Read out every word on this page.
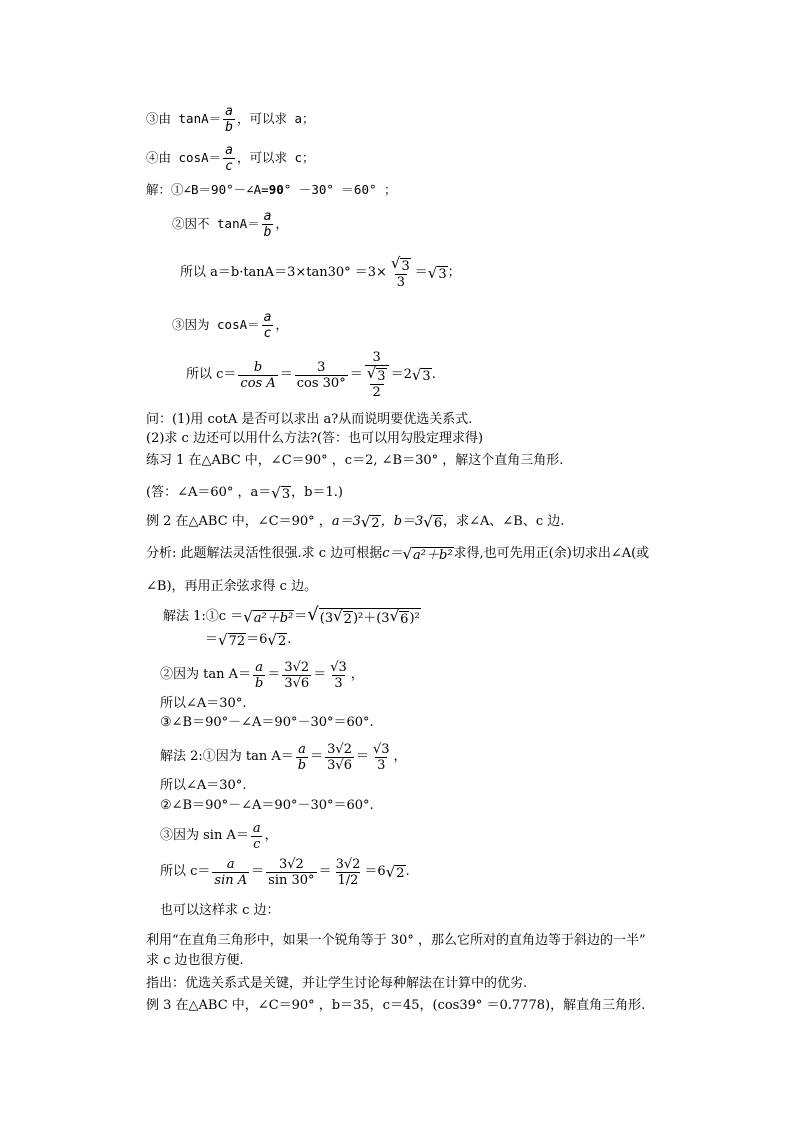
③由 tanA＝ a
b
，可以求 a；
④由 cosA＝ a
c
，可以求 c；
解：①∠B＝90°－∠A= 90 ° －30° ＝60° ；
②因不 tanA＝ a
b
，
所以 $a=b\cdot\tan A=3\times\tan 30^\circ =3\times \frac{√ 3}{3}$ ＝ √ 3 ；
③因为 cosA＝ a
c
，
所以 c＝ b
cos A
＝ 3
cos 30°
＝
3
√ 3
2
＝2 √ 3 .
问：(1)用 cotA 是否可以求出 a?从而说明要优选关系式.
(2)求 c 边还可以用什么方法?(答：也可以用勾股定理求得)
练习 1 在△ABC 中，∠C＝90° ，c＝2, ∠B＝30° ，解这个直角三角形.
(答：∠A＝60° ，a＝ √ 3 ，b＝1.)
例 2 在△ABC 中，∠C＝90° ， a＝3 √ 2 ，b＝3 √ 6 ，求∠A、∠B、c 边.
分析: 此题解法灵活性很强.求 c 边可根据 c＝ √ a²＋b² 求得,也可先用正(余)切求出∠A(或
∠B)，再用正余弦求得 c 边。
解法 1:①c ＝ √ a²＋b² ＝ √ (3 √ 2 )²＋(3 √ 6 )²
＝ √ 72 ＝6 √ 2 .
②因为 tan A＝ a
b
＝ 3√2
3√6
＝ √3
3
，
所以∠A＝30°.
③∠B＝90°－∠A＝90°－30°＝60°.
解法 2:①因为 tan A＝ a
b
＝ 3√2
3√6
＝ √3
3
，
所以∠A＝30°.
②∠B＝90°－∠A＝90°－30°＝60°.
③因为 sin A＝ a
c
，
所以 c＝ a
sin A
＝ 3√2
sin 30°
＝ 3√2
1/2
＝6 √ 2 .
也可以这样求 c 边：
利用“在直角三角形中，如果一个锐角等于 30° ，那么它所对的直角边等于斜边的一半”
求 c 边也很方便.
指出：优选关系式是关键，并让学生讨论每种解法在计算中的优劣.
例 3 在△ABC 中，∠C＝90° ，b＝35，c＝45，(cos39° ＝0.7778)，解直角三角形.
